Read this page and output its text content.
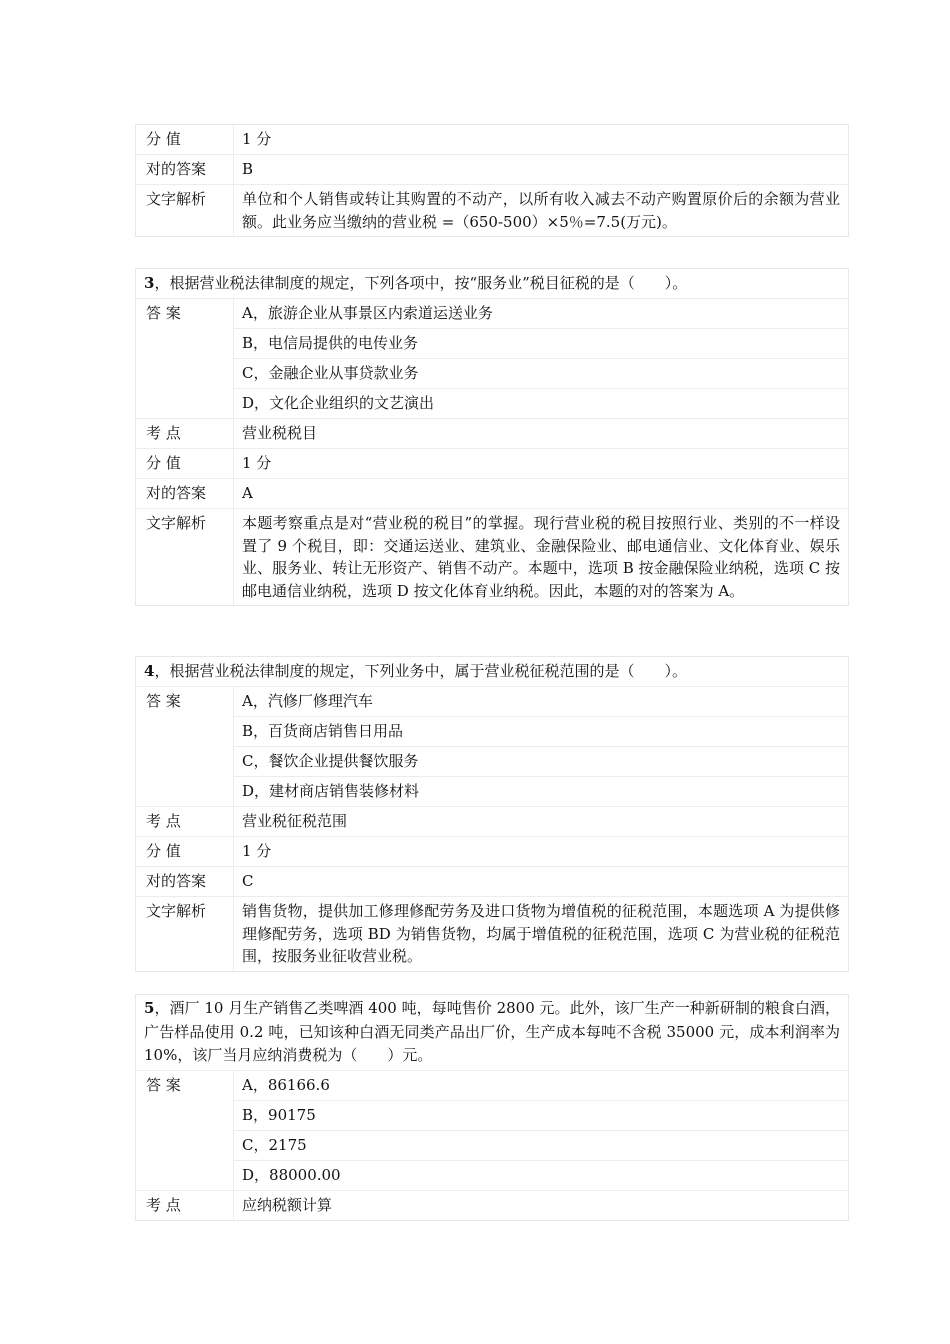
分 值	1 分
对的答案	B
文字解析	单位和个人销售或转让其购置的不动产，以所有收入减去不动产购置原价后的余额为营业额。此业务应当缴纳的营业税 =（650-500）×5％=7.5(万元)。
3，根据营业税法律制度的规定，下列各项中，按“服务业”税目征税的是（　　）。
答 案	A，旅游企业从事景区内索道运送业务
B，电信局提供的电传业务
C，金融企业从事贷款业务
D，文化企业组织的文艺演出
考 点	营业税税目
分 值	1 分
对的答案	A
文字解析	本题考察重点是对“营业税的税目”的掌握。现行营业税的税目按照行业、类别的不一样设置了 9 个税目，即：交通运送业、建筑业、金融保险业、邮电通信业、文化体育业、娱乐业、服务业、转让无形资产、销售不动产。本题中，选项 B 按金融保险业纳税，选项 C 按邮电通信业纳税，选项 D 按文化体育业纳税。因此，本题的对的答案为 A。
4，根据营业税法律制度的规定，下列业务中，属于营业税征税范围的是（　　）。
答 案	A，汽修厂修理汽车
B，百货商店销售日用品
C，餐饮企业提供餐饮服务
D，建材商店销售装修材料
考 点	营业税征税范围
分 值	1 分
对的答案	C
文字解析	销售货物，提供加工修理修配劳务及进口货物为增值税的征税范围，本题选项 A 为提供修理修配劳务，选项 BD 为销售货物，均属于增值税的征税范围，选项 C 为营业税的征税范围，按服务业征收营业税。
5，酒厂 10 月生产销售乙类啤酒 400 吨，每吨售价 2800 元。此外，该厂生产一种新研制的粮食白酒，广告样品使用 0.2 吨，已知该种白酒无同类产品出厂价，生产成本每吨不含税 35000 元，成本利润率为 10%，该厂当月应纳消费税为（　　）元。
答 案	A，86166.6
B，90175
C，2175
D，88000.00
考 点	应纳税额计算
